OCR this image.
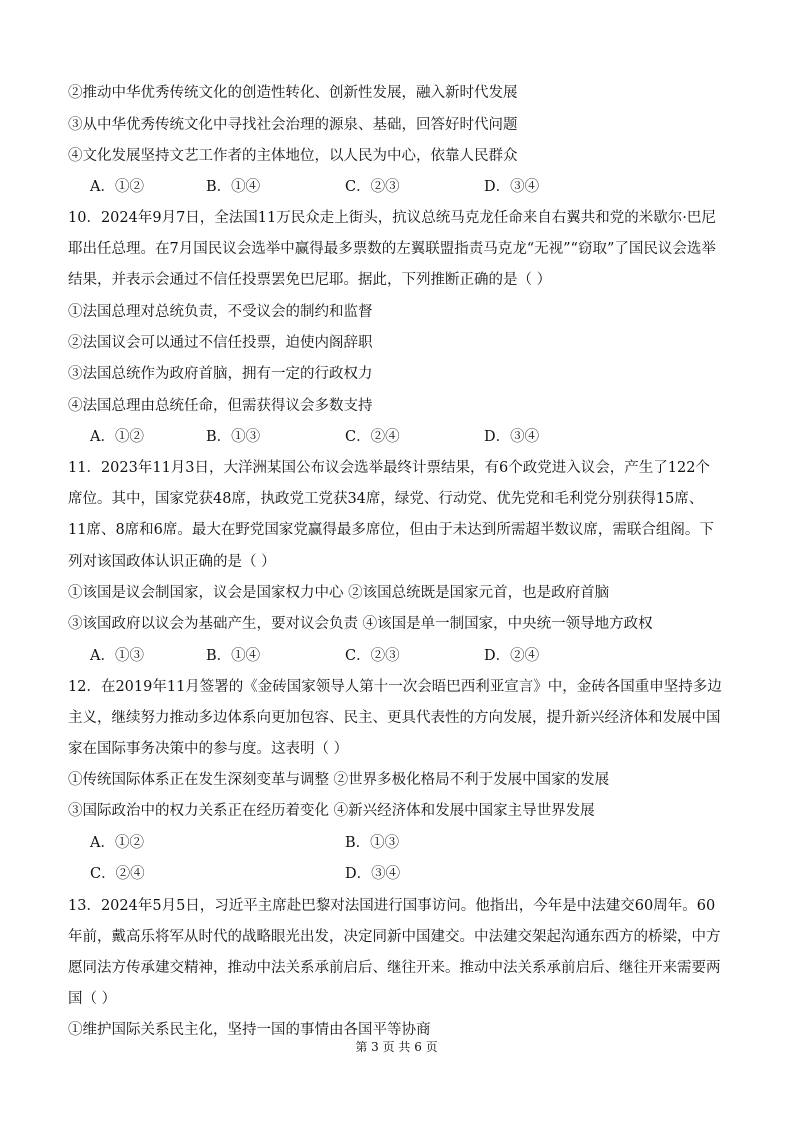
②推动中华优秀传统文化的创造性转化、创新性发展，融入新时代发展
③从中华优秀传统文化中寻找社会治理的源泉、基础，回答好时代问题
④文化发展坚持文艺工作者的主体地位，以人民为中心，依靠人民群众
A．①②	B．①④	C．②③	D．③④
10．2024年9月7日，全法国11万民众走上街头，抗议总统马克龙任命来自右翼共和党的米歇尔·巴尼
耶出任总理。在7月国民议会选举中赢得最多票数的左翼联盟指责马克龙“无视”“窃取”了国民议会选举
结果，并表示会通过不信任投票罢免巴尼耶。据此，下列推断正确的是（ ）
①法国总理对总统负责，不受议会的制约和监督
②法国议会可以通过不信任投票，迫使内阁辞职
③法国总统作为政府首脑，拥有一定的行政权力
④法国总理由总统任命，但需获得议会多数支持
A．①②	B．①③	C．②④	D．③④
11．2023年11月3日，大洋洲某国公布议会选举最终计票结果，有6个政党进入议会，产生了122个
席位。其中，国家党获48席，执政党工党获34席，绿党、行动党、优先党和毛利党分别获得15席、
11席、8席和6席。最大在野党国家党赢得最多席位，但由于未达到所需超半数议席，需联合组阁。下
列对该国政体认识正确的是（ ）
①该国是议会制国家，议会是国家权力中心 ②该国总统既是国家元首，也是政府首脑
③该国政府以议会为基础产生，要对议会负责 ④该国是单一制国家，中央统一领导地方政权
A．①③	B．①④	C．②③	D．②④
12．在2019年11月签署的《金砖国家领导人第十一次会晤巴西利亚宣言》中，金砖各国重申坚持多边
主义，继续努力推动多边体系向更加包容、民主、更具代表性的方向发展，提升新兴经济体和发展中国
家在国际事务决策中的参与度。这表明（ ）
①传统国际体系正在发生深刻变革与调整 ②世界多极化格局不利于发展中国家的发展
③国际政治中的权力关系正在经历着变化 ④新兴经济体和发展中国家主导世界发展
A．①②	B．①③
C．②④	D．③④
13．2024年5月5日，习近平主席赴巴黎对法国进行国事访问。他指出，今年是中法建交60周年。60
年前，戴高乐将军从时代的战略眼光出发，决定同新中国建交。中法建交架起沟通东西方的桥梁，中方
愿同法方传承建交精神，推动中法关系承前启后、继往开来。推动中法关系承前启后、继往开来需要两
国（ ）
①维护国际关系民主化，坚持一国的事情由各国平等协商
第 3 页 共 6 页
